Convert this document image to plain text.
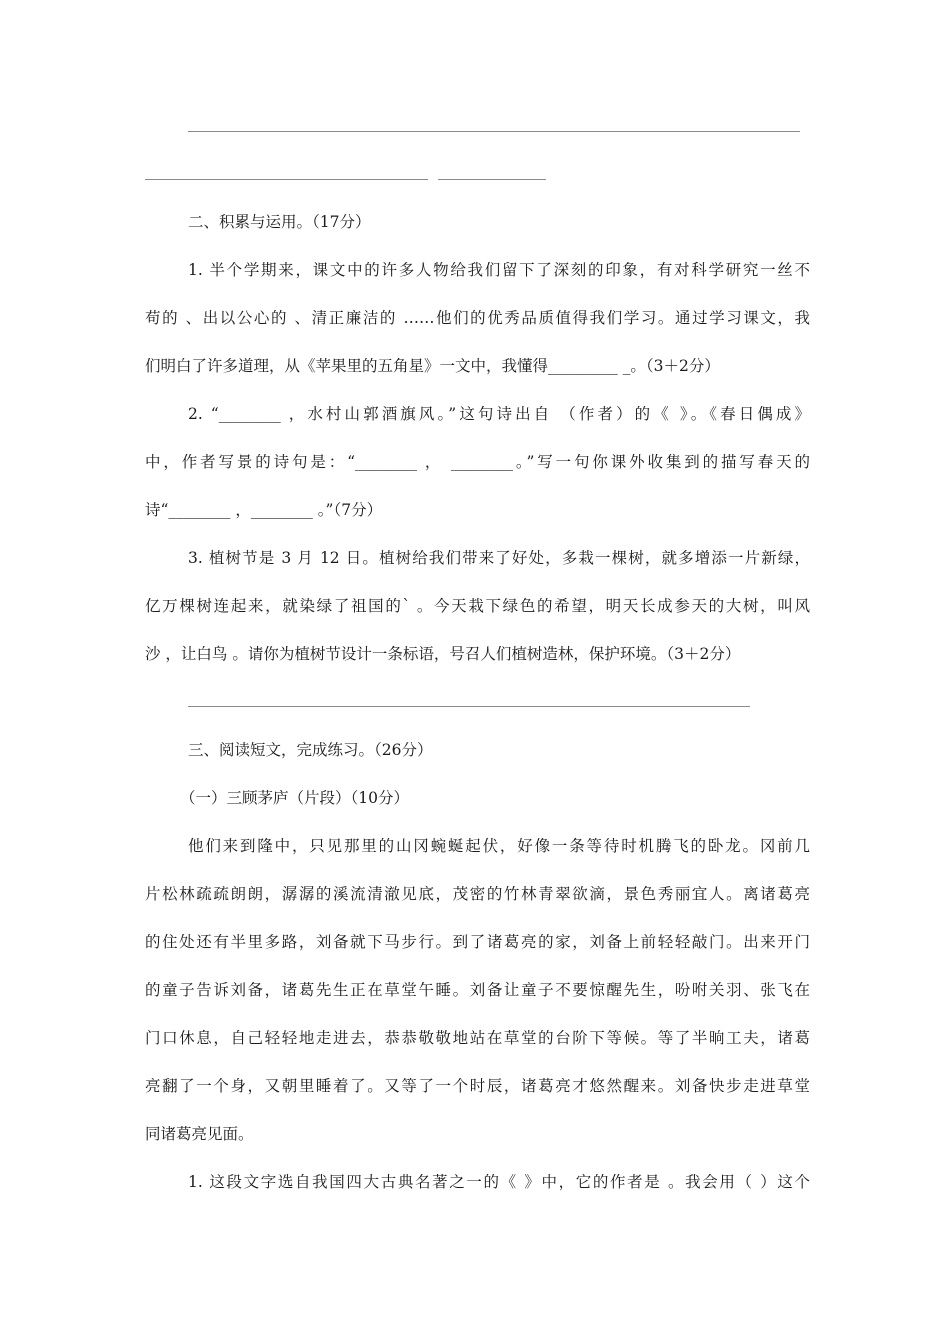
二、积累与运用。（17分）
1. 半个学期来，课文中的许多人物给我们留下了深刻的印象，有对科学研究一丝不
苟的 、出以公心的 、清正廉洁的 ……他们的优秀品质值得我们学习。通过学习课文，我
们明白了许多道理，从《苹果里的五角星》一文中，我懂得_________ _。（3＋2分）
2. “________ ，水村山郭酒旗风。”这句诗出自 （作者）的《 》。《春日偶成》
中，作者写景的诗句是：“________ ， ________。”写一句你课外收集到的描写春天的
诗“________ ，________ 。”（7分）
3. 植树节是 3 月 12 日。植树给我们带来了好处，多栽一棵树，就多增添一片新绿，
亿万棵树连起来，就染绿了祖国的` 。今天栽下绿色的希望，明天长成参天的大树，叫风
沙 ，让白鸟 。请你为植树节设计一条标语，号召人们植树造林，保护环境。（3＋2分）
三、阅读短文，完成练习。（26分）
（一）三顾茅庐（片段）（10分）
他们来到隆中，只见那里的山冈蜿蜒起伏，好像一条等待时机腾飞的卧龙。冈前几
片松林疏疏朗朗，潺潺的溪流清澈见底，茂密的竹林青翠欲滴，景色秀丽宜人。离诸葛亮
的住处还有半里多路，刘备就下马步行。到了诸葛亮的家，刘备上前轻轻敲门。出来开门
的童子告诉刘备，诸葛先生正在草堂午睡。刘备让童子不要惊醒先生，吩咐关羽、张飞在
门口休息，自己轻轻地走进去，恭恭敬敬地站在草堂的台阶下等候。等了半晌工夫，诸葛
亮翻了一个身，又朝里睡着了。又等了一个时辰，诸葛亮才悠然醒来。刘备快步走进草堂
同诸葛亮见面。
1. 这段文字选自我国四大古典名著之一的《 》中，它的作者是 。我会用（ ）这个
